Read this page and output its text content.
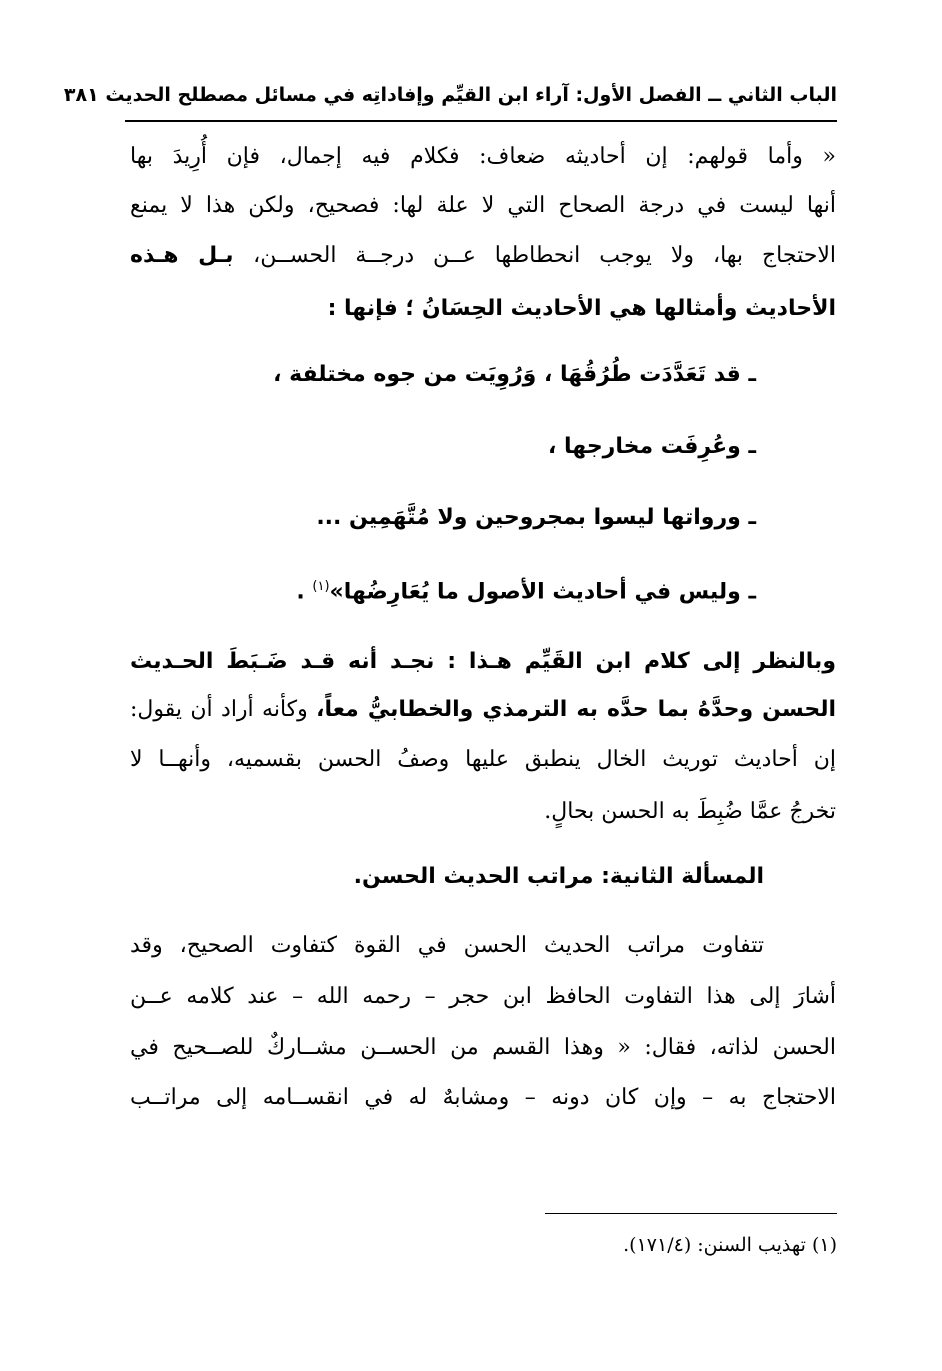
الباب الثاني ــ الفصل الأول: آراء ابن القيِّم وإفاداتِه في مسائل مصطلح الحديث ٣٨١
« وأما قولهم: إن أحاديثه ضعاف: فكلام فيه إجمال، فإن أُرِيدَ بها
أنها ليست في درجة الصحاح التي لا علة لها: فصحيح، ولكن هذا لا يمنع
الاحتجاج بها، ولا يوجب انحطاطها عــن درجــة الحســن، بـل هـذه
الأحاديث وأمثالها هي الأحاديث الحِسَانُ ؛ فإنها :
ـ قد تَعَدَّدَت طُرُقُهَا ، وَرُوِيَت من جوه مختلفة ،
ـ وعُرِفَت مخارجها ،
ـ ورواتها ليسوا بمجروحين ولا مُتَّهَمِين ...
ـ وليس في أحاديث الأصول ما يُعَارِضُها»$^{(١)}$ .
وبالنظر إلى كلام ابن القَيِّم هـذا : نجـد أنه قـد ضَـبَطَ الحـديث
الحسن وحدَّهُ بما حدَّه به الترمذي والخطابيُّ معاً، وكأنه أراد أن يقول:
إن أحاديث توريث الخال ينطبق عليها وصفُ الحسن بقسميه، وأنهــا لا
تخرجُ عمَّا ضُبِطَ به الحسن بحالٍ.
المسألة الثانية: مراتب الحديث الحسن.
تتفاوت مراتب الحديث الحسن في القوة كتفاوت الصحيح، وقد
أشارَ إلى هذا التفاوت الحافظ ابن حجر – رحمه الله – عند كلامه عــن
الحسن لذاته، فقال: « وهذا القسم من الحســن مشــاركٌ للصــحيح في
الاحتجاج به – وإن كان دونه – ومشابهٌ له في انقســامه إلى مراتــب
(١) تهذيب السنن: (١٧١/٤).
